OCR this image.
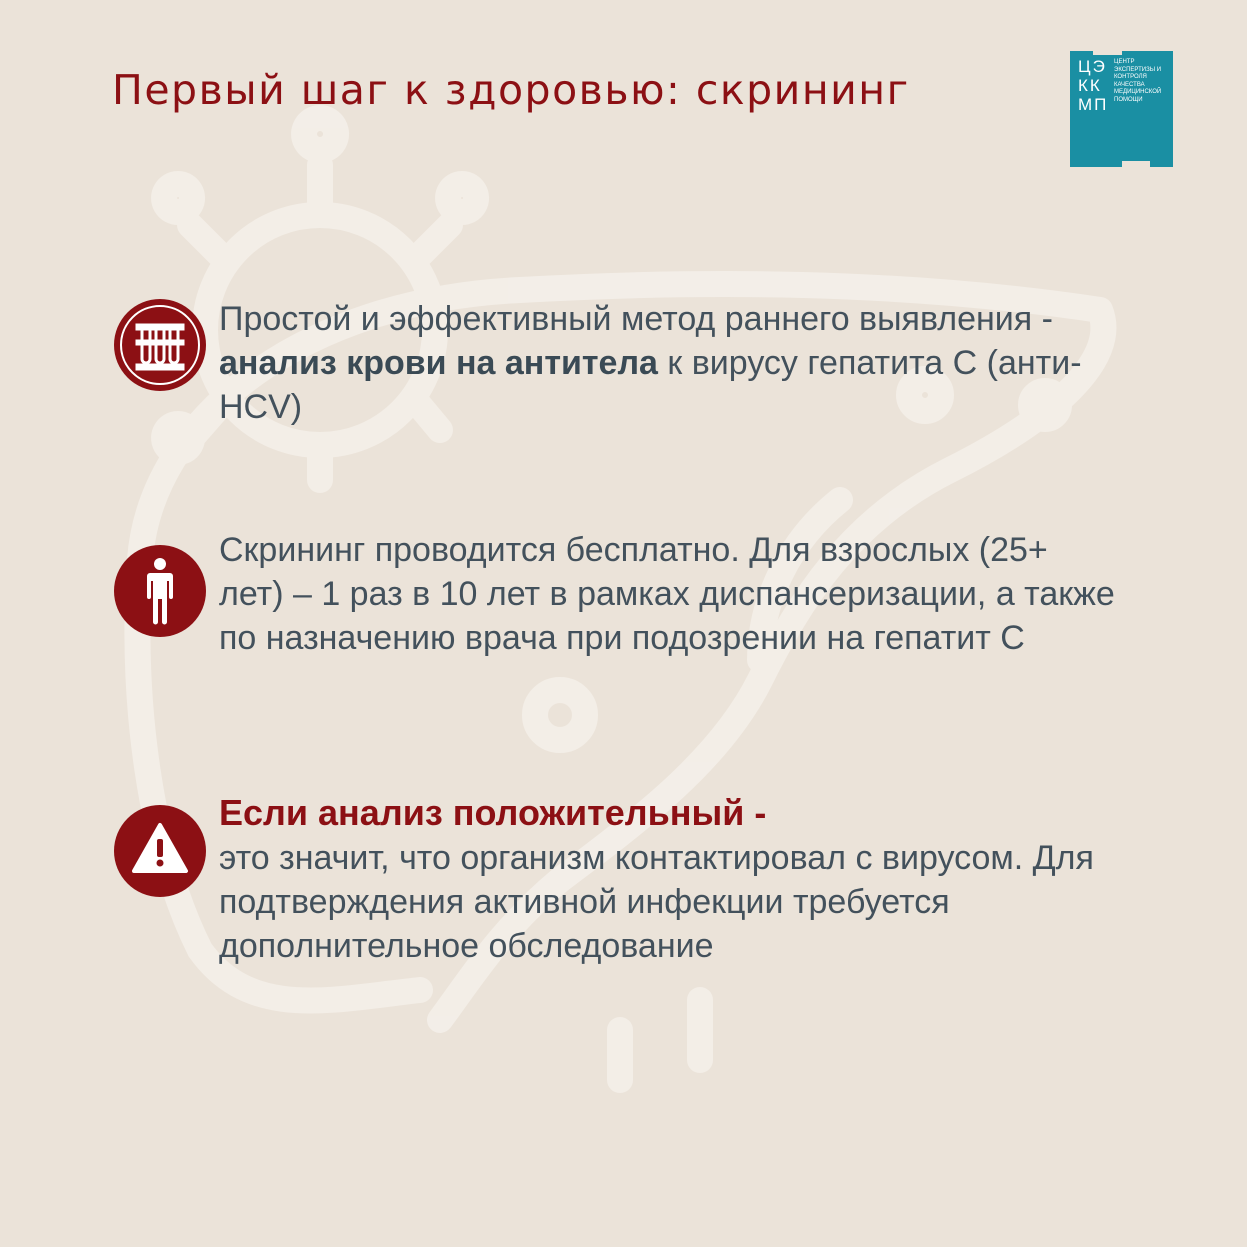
Первый шаг к здоровью: скрининг	ЦЭККМП
ЦЕНТР ЭКСПЕРТИЗЫ И КОНТРОЛЯ КАЧЕСТВА МЕДИЦИНСКОЙ ПОМОЩИ
Простой и эффективный метод раннего выявления - анализ крови на антитела к вирусу гепатита С (анти-HCV)
Скрининг проводится бесплатно. Для взрослых (25+ лет) – 1 раз в 10 лет в рамках диспансеризации, а также по назначению врача при подозрении на гепатит С
Если анализ положительный -
это значит, что организм контактировал с вирусом. Для подтверждения активной инфекции требуется дополнительное обследование
